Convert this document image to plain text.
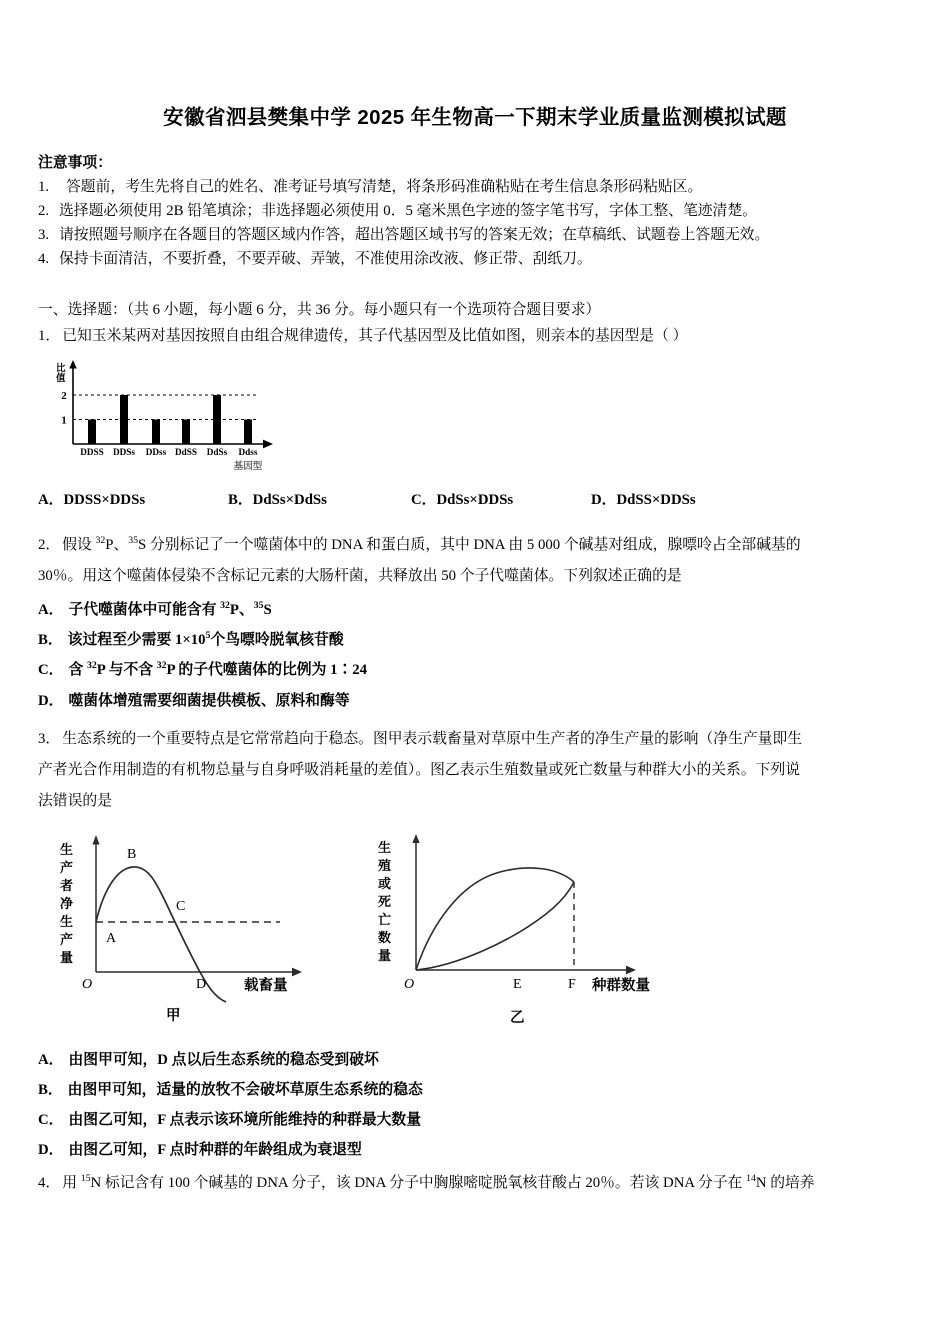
安徽省泗县樊集中学 2025 年生物高一下期末学业质量监测模拟试题
注意事项：
1. 答题前，考生先将自己的姓名、准考证号填写清楚，将条形码准确粘贴在考生信息条形码粘贴区。
2. 选择题必须使用 2B 铅笔填涂；非选择题必须使用 0．5 毫米黑色字迹的签字笔书写，字体工整、笔迹清楚。
3. 请按照题号顺序在各题目的答题区域内作答，超出答题区域书写的答案无效；在草稿纸、试题卷上答题无效。
4. 保持卡面清洁，不要折叠，不要弄破、弄皱，不准使用涂改液、修正带、刮纸刀。
一、选择题：（共 6 小题，每小题 6 分，共 36 分。每小题只有一个选项符合题目要求）
1． 已知玉米某两对基因按照自由组合规律遗传，其子代基因型及比值如图，则亲本的基因型是（ ）
比
值
2
1
DDSS DDSs DDss DdSS DdSs Ddss
基因型
A．DDSS×DDSs	B．DdSs×DdSs	C．DdSs×DDSs	D．DdSS×DDSs
2． 假设 $^{32}$P、$^{35}$S 分别标记了一个噬菌体中的 DNA 和蛋白质，其中 DNA 由 5 000 个碱基对组成，腺嘌呤占全部碱基的
30％。用这个噬菌体侵染不含标记元素的大肠杆菌，共释放出 50 个子代噬菌体。下列叙述正确的是
A． 子代噬菌体中可能含有 $^{32}$P、$^{35}$S
B． 该过程至少需要 $1\times 10^5$个鸟嘌呤脱氧核苷酸
C． 含 $^{32}$P 与不含 $^{32}$P 的子代噬菌体的比例为 1∶24
D． 噬菌体增殖需要细菌提供模板、原料和酶等
3． 生态系统的一个重要特点是它常常趋向于稳态。图甲表示载畜量对草原中生产者的净生产量的影响（净生产量即生
产者光合作用制造的有机物总量与自身呼吸消耗量的差值）。图乙表示生殖数量或死亡数量与种群大小的关系。下列说
法错误的是
生
产
者
净
生
产
量
B
C
A
D
O	载畜量
甲
生
殖
或
死
亡
数
量
O	E	F 种群数量
乙
A． 由图甲可知，D 点以后生态系统的稳态受到破坏
B． 由图甲可知，适量的放牧不会破坏草原生态系统的稳态
C． 由图乙可知，F 点表示该环境所能维持的种群最大数量
D． 由图乙可知，F 点时种群的年龄组成为衰退型
4． 用 $^{15}$N 标记含有 100 个碱基的 DNA 分子，该 DNA 分子中胸腺嘧啶脱氧核苷酸占 20％。若该 DNA 分子在 $^{14}$N 的培养
